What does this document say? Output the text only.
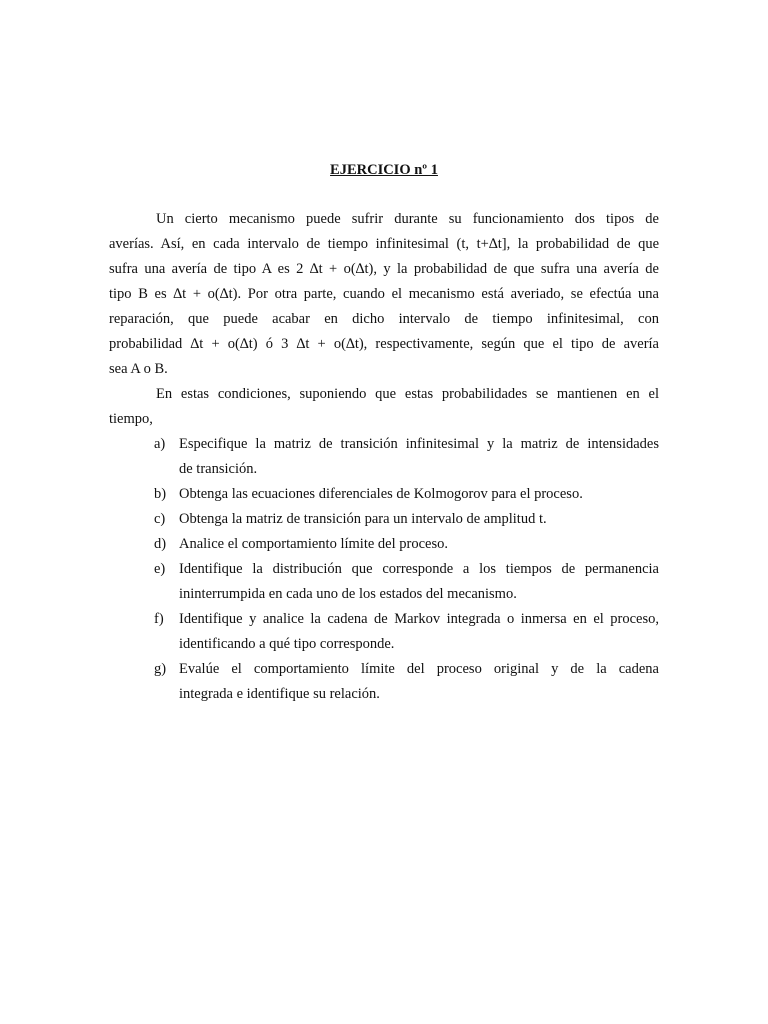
EJERCICIO nº 1
Un cierto mecanismo puede sufrir durante su funcionamiento dos tipos de
averías. Así, en cada intervalo de tiempo infinitesimal (t, t+∆t], la probabilidad de que
sufra una avería de tipo A es 2 ∆t + o(∆t), y la probabilidad de que sufra una avería de
tipo B es ∆t + o(∆t). Por otra parte, cuando el mecanismo está averiado, se efectúa una
reparación, que puede acabar en dicho intervalo de tiempo infinitesimal, con
probabilidad ∆t + o(∆t) ó 3 ∆t + o(∆t), respectivamente, según que el tipo de avería
sea A o B.
En estas condiciones, suponiendo que estas probabilidades se mantienen en el
tiempo,
a) Especifique la matriz de transición infinitesimal y la matriz de intensidades
de transición.
b) Obtenga las ecuaciones diferenciales de Kolmogorov para el proceso.
c) Obtenga la matriz de transición para un intervalo de amplitud t.
d) Analice el comportamiento límite del proceso.
e) Identifique la distribución que corresponde a los tiempos de permanencia
ininterrumpida en cada uno de los estados del mecanismo.
f) Identifique y analice la cadena de Markov integrada o inmersa en el proceso,
identificando a qué tipo corresponde.
g) Evalúe el comportamiento límite del proceso original y de la cadena
integrada e identifique su relación.
